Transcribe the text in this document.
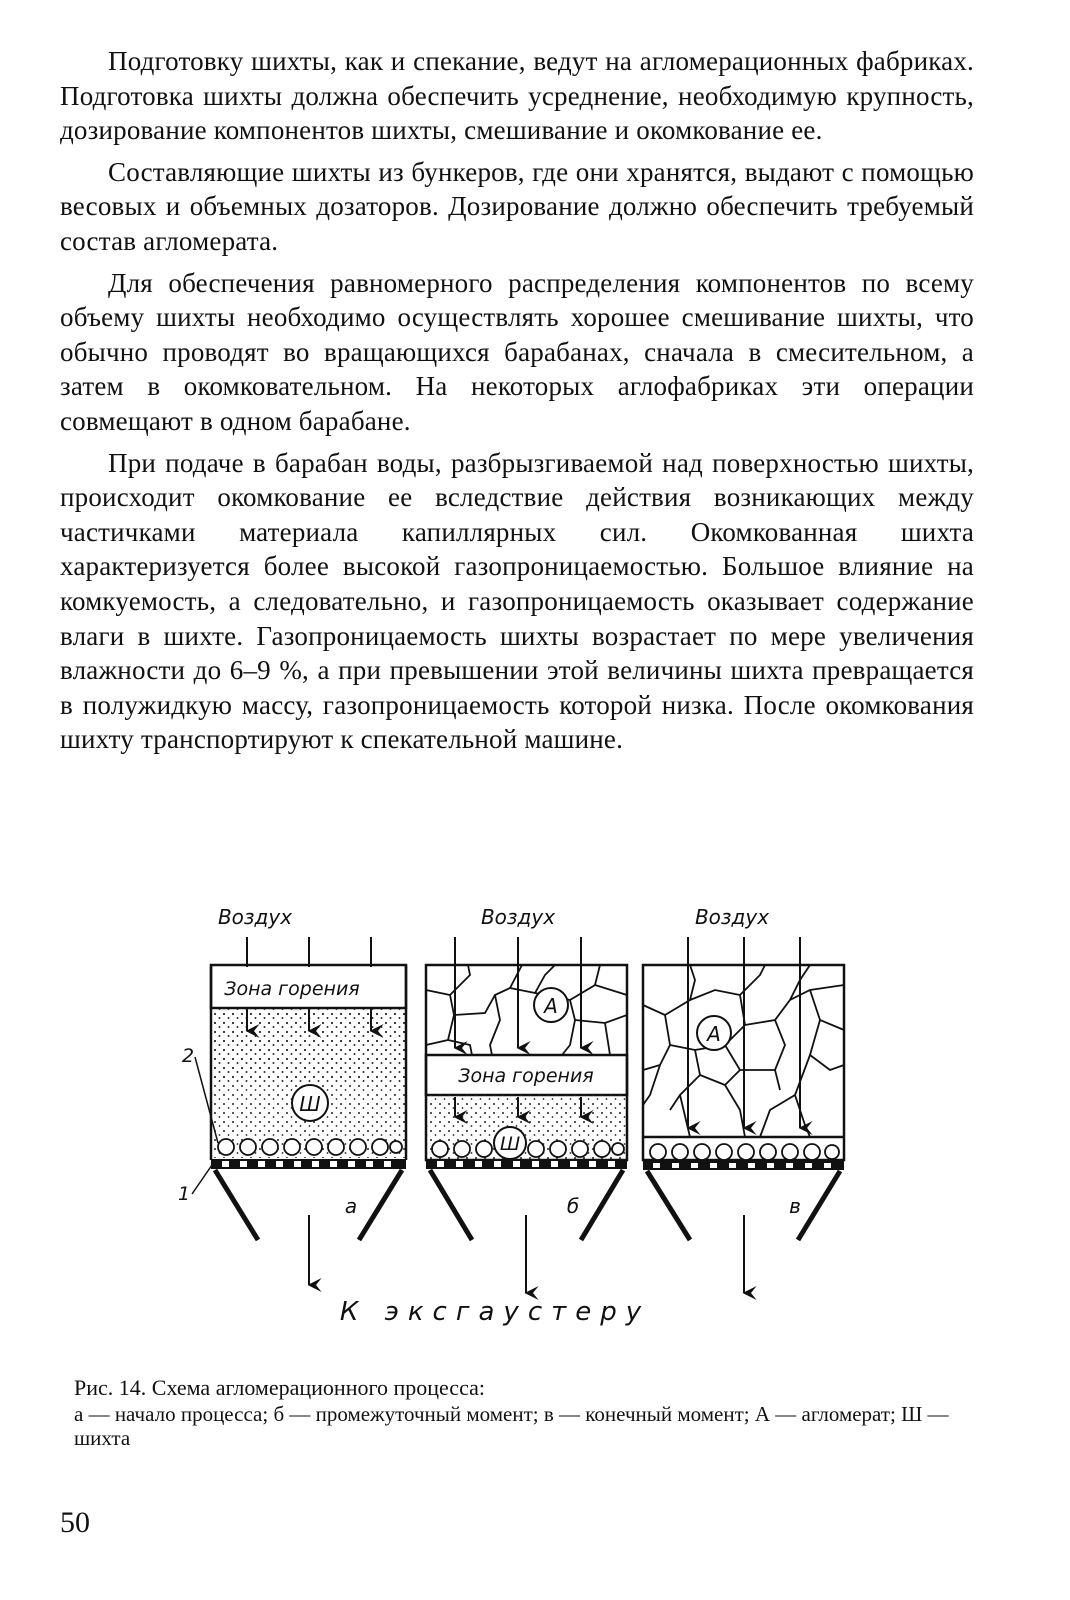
Подготовку шихты, как и спекание, ведут на агломерационных фабриках. Подготовка шихты должна обеспечить усреднение, необходимую крупность, дозирование компонентов шихты, смешивание и окомкование ее.

Составляющие шихты из бункеров, где они хранятся, выдают с помощью весовых и объемных дозаторов. Дозирование должно обеспечить требуемый состав агломерата.

Для обеспечения равномерного распределения компонентов по всему объему шихты необходимо осуществлять хорошее смешивание шихты, что обычно проводят во вращающихся барабанах, сначала в смесительном, а затем в окомковательном. На некоторых аглофабриках эти операции совмещают в одном барабане.

При подаче в барабан воды, разбрызгиваемой над поверхностью шихты, происходит окомкование ее вследствие действия возникающих между частичками материала капиллярных сил. Окомкованная шихта характеризуется более высокой газопроницаемостью. Большое влияние на комкуемость, а следовательно, и газопроницаемость оказывает содержание влаги в шихте. Газопроницаемость шихты возрастает по мере увеличения влажности до 6–9 %, а при превышении этой величины шихта превращается в полужидкую массу, газопроницаемость которой низка. После окомкования шихту транспортируют к спекательной машине.

Воздух	Воздух	Воздух
Зона горения
Ш
а
2
1
Зона горения
А
Ш
б
А
в
К эксгаустеру
Рис. 14. Схема агломерационного процесса:
а — начало процесса; б — промежуточный момент; в — конечный момент; А — агломерат; Ш — шихта
50
